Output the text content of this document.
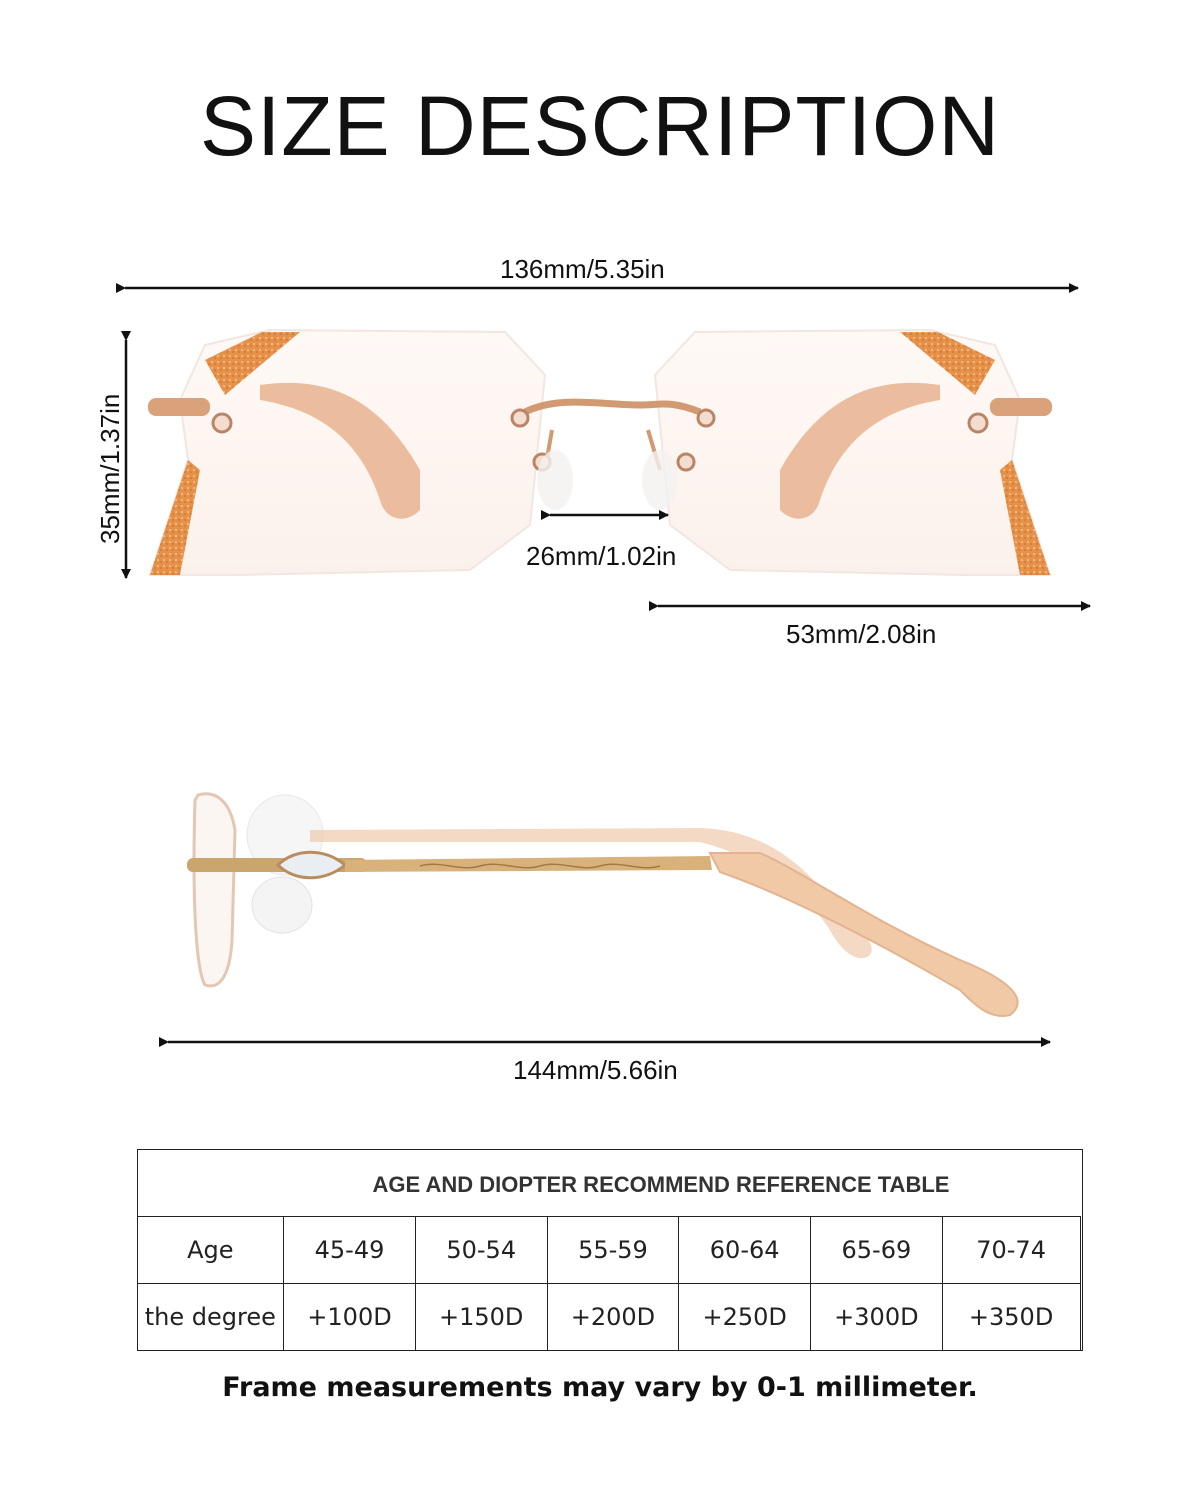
SIZE DESCRIPTION
136mm/5.35in
35mm/1.37in
26mm/1.02in
53mm/2.08in
144mm/5.66in
AGE AND DIOPTER RECOMMEND REFERENCE TABLE
Age	45-49	50-54	55-59	60-64	65-69	70-74
the degree	+100D	+150D	+200D	+250D	+300D	+350D
Frame measurements may vary by 0-1 millimeter.
